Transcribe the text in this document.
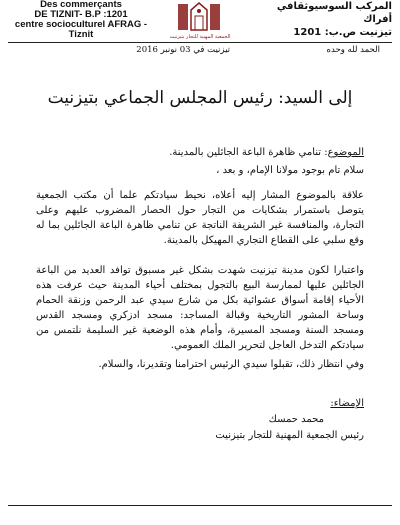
Des commerçants
DE TIZNIT- B.P :1201
centre socioculturel AFRAG - Tiznit	الجمعية المهنية للتجار بتيزنيت
المركب السوسيوثقافي أفراك
تيزنيت ص.ب: 1201
الحمد لله وحده
تيزنيت في 03 نونبر 2016
إلى السيد: رئيس المجلس الجماعي بتيزنيت
الموضوع: تنامي ظاهرة الباعة الجائلين بالمدينة.
سلام تام بوجود مولانا الإمام، و بعد ،
علاقة بالموضوع المشار إليه أعلاه، نحيط سيادتكم علما أن مكتب الجمعية يتوصل باستمرار بشكايات من التجار حول الحصار المضروب عليهم وعلى التجارة، والمنافسة غير الشريفة الناتجة عن تنامي ظاهرة الباعة الجائلين بما له وقع سلبي على القطاع التجاري المهيكل بالمدينة.
واعتبارا لكون مدينة تيزنيت شهدت بشكل غير مسبوق توافد العديد من الباعة الجائلين عليها لممارسة البيع بالتجول بمختلف أحياء المدينة حيث عرفت هذه الأحياء إقامة أسواق عشوائية بكل من شارع سيدي عبد الرحمن وزنقة الحمام وساحة المشور التاريخية وقبالة المساجد: مسجد ادزكري ومسجد القدس ومسجد السنة ومسجد المسيرة، وأمام هذه الوضعية غير السليمة نلتمس من سيادتكم التدخل العاجل لتحرير الملك العمومي.
وفي انتظار ذلك، تقبلوا سيدي الرئيس احترامنا وتقديرنا، والسلام.
الإمضاء:
محمد حمسك
رئيس الجمعية المهنية للتجار بتيزنيت
